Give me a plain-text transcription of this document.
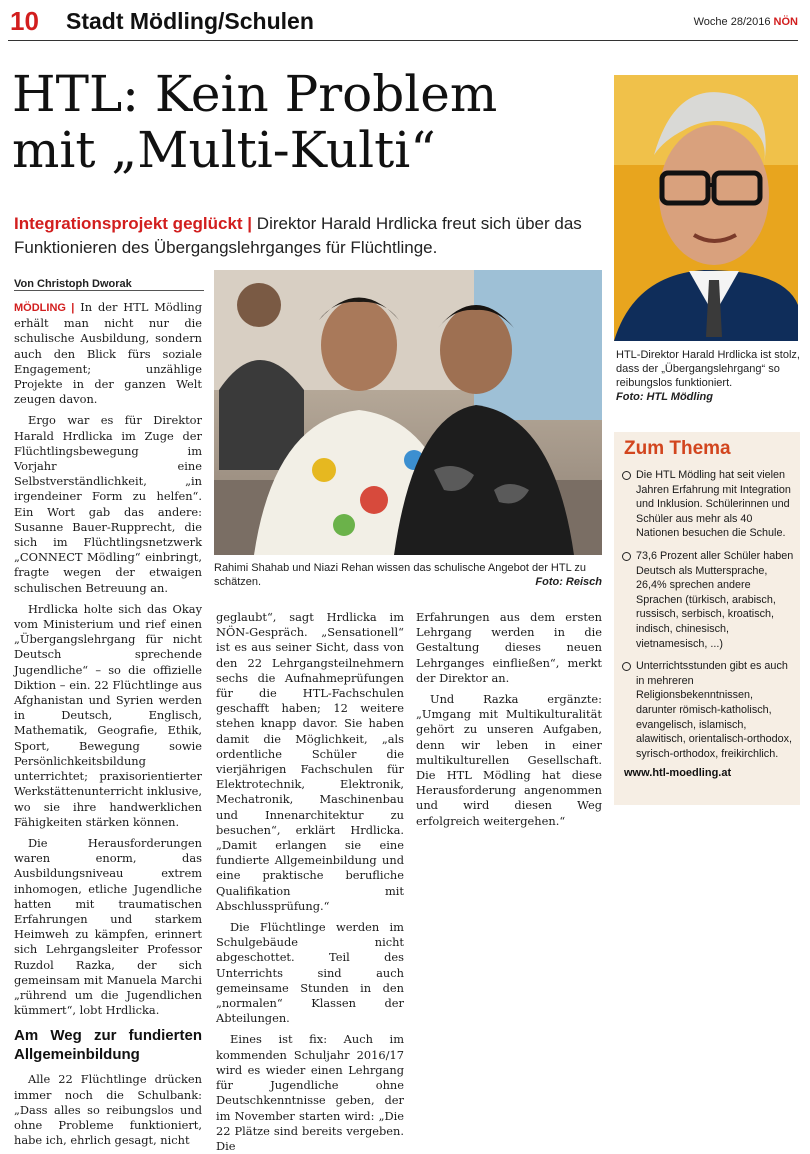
10 Stadt Mödling/Schulen	Woche 28/2016 NÖN
HTL: Kein Problem
mit „Multi-Kulti“
Integrationsprojekt geglückt | Direktor Harald Hrdlicka freut sich über das Funktionieren des Übergangslehrganges für Flüchtlinge.
Von Christoph Dworak

MÖDLING | In der HTL Mödling erhält man nicht nur die schulische Ausbildung, sondern auch den Blick fürs soziale Engagement; unzählige Projekte in der ganzen Welt zeugen davon.

Ergo war es für Direktor Harald Hrdlicka im Zuge der Flüchtlingsbewegung im Vorjahr eine Selbstverständlichkeit, „in irgendeiner Form zu helfen“. Ein Wort gab das andere: Susanne Bauer-Rupprecht, die sich im Flüchtlingsnetzwerk „CONNECT Mödling“ einbringt, fragte wegen der etwaigen schulischen Betreuung an.

Hrdlicka holte sich das Okay vom Ministerium und rief einen „Übergangslehrgang für nicht Deutsch sprechende Jugendliche“ – so die offizielle Diktion – ein. 22 Flüchtlinge aus Afghanistan und Syrien werden in Deutsch, Englisch, Mathematik, Geografie, Ethik, Sport, Bewegung sowie Persönlichkeitsbildung unterrichtet; praxisorientierter Werkstättenunterricht inklusive, wo sie ihre handwerklichen Fähigkeiten stärken können.

Die Herausforderungen waren enorm, das Ausbildungsniveau extrem inhomogen, etliche Jugendliche hatten mit traumatischen Erfahrungen und starkem Heimweh zu kämpfen, erinnert sich Lehrgangsleiter Professor Ruzdol Razka, der sich gemeinsam mit Manuela Marchi „rührend um die Jugendlichen kümmert“, lobt Hrdlicka.

Am Weg zur fundierten Allgemeinbildung

Alle 22 Flüchtlinge drücken immer noch die Schulbank: „Dass alles so reibungslos und ohne Probleme funktioniert, habe ich, ehrlich gesagt, nicht

Rahimi Shahab und Niazi Rehan wissen das schulische Angebot der HTL zu schätzen.	Foto: Reisch

geglaubt“, sagt Hrdlicka im NÖN-Gespräch. „Sensationell“ ist es aus seiner Sicht, dass von den 22 Lehrgangsteilnehmern sechs die Aufnahmeprüfungen für die HTL-Fachschulen geschafft haben; 12 weitere stehen knapp davor. Sie haben damit die Möglichkeit, „als ordentliche Schüler die vierjährigen Fachschulen für Elektrotechnik, Elektronik, Mechatronik, Maschinenbau und Innenarchitektur zu besuchen“, erklärt Hrdlicka. „Damit erlangen sie eine fundierte Allgemeinbildung und eine praktische berufliche Qualifikation mit Abschlussprüfung.“

Die Flüchtlinge werden im Schulgebäude nicht abgeschottet. Teil des Unterrichts sind auch gemeinsame Stunden in den „normalen“ Klassen der Abteilungen.

Eines ist fix: Auch im kommenden Schuljahr 2016/17 wird es wieder einen Lehrgang für Jugendliche ohne Deutschkenntnisse geben, der im November starten wird: „Die 22 Plätze sind bereits vergeben. Die

Erfahrungen aus dem ersten Lehrgang werden in die Gestaltung dieses neuen Lehrganges einfließen“, merkt der Direktor an.

Und Razka ergänzte: „Umgang mit Multikulturalität gehört zu unseren Aufgaben, denn wir leben in einer multikulturellen Gesellschaft. Die HTL Mödling hat diese Herausforderung angenommen und wird diesen Weg erfolgreich weitergehen.“

HTL-Direktor Harald Hrdlicka ist stolz, dass der „Übergangslehrgang“ so reibungslos funktioniert.
Foto: HTL Mödling
Zum Thema
Die HTL Mödling hat seit vielen Jahren Erfahrung mit Integration und Inklusion. Schülerinnen und Schüler aus mehr als 40 Nationen besuchen die Schule.
73,6 Prozent aller Schüler haben Deutsch als Muttersprache, 26,4% sprechen andere Sprachen (türkisch, arabisch, russisch, serbisch, kroatisch, indisch, chinesisch, vietnamesisch, ...)
Unterrichtsstunden gibt es auch in mehreren Religionsbekenntnissen, darunter römisch-katholisch, evangelisch, islamisch, alawitisch, orientalisch-orthodox, syrisch-orthodox, freikirchlich.
www.htl-moedling.at
